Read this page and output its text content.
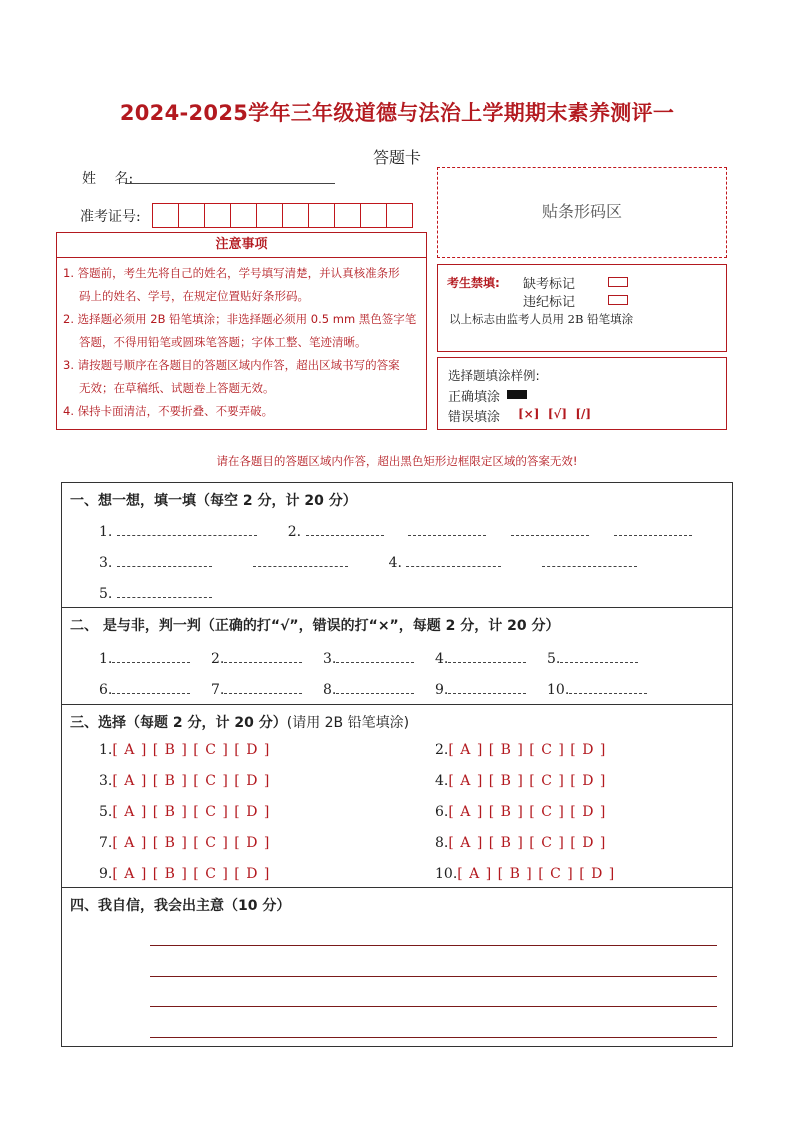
2024-2025学年三年级道德与法治上学期期末素养测评一
答题卡
姓　 名:
准考证号:	贴条形码区
注意事项
1. 答题前，考生先将自己的姓名，学号填写清楚，并认真核准条形
码上的姓名、学号，在规定位置贴好条形码。
2. 选择题必须用 2B 铅笔填涂；非选择题必须用 0.5 mm 黑色签字笔
答题，不得用铅笔或圆珠笔答题；字体工整、笔迹清晰。
3. 请按题号顺序在各题目的答题区域内作答，超出区域书写的答案
无效；在草稿纸、试题卷上答题无效。
4. 保持卡面清洁，不要折叠、不要弄破。
考生禁填: 缺考标记
违纪标记
以上标志由监考人员用 2B 铅笔填涂
选择题填涂样例:
正确填涂
错误填涂 [×]  [√]  [/]
请在各题目的答题区域内作答，超出黑色矩形边框限定区域的答案无效!
一、想一想，填一填（每空 2 分，计 20 分）
1.	2.
3.	4.
5.
二、 是与非，判一判（正确的打“√”，错误的打“×”，每题 2 分，计 20 分）
1.	2.	3.	4.	5.
6.	7.	8.	9.	10.
三、选择（每题 2 分，计 20 分）(请用 2B 铅笔填涂)
1.[ A ] [ B ] [ C ] [ D ]	2.[ A ] [ B ] [ C ] [ D ]
3.[ A ] [ B ] [ C ] [ D ]	4.[ A ] [ B ] [ C ] [ D ]
5.[ A ] [ B ] [ C ] [ D ]	6.[ A ] [ B ] [ C ] [ D ]
7.[ A ] [ B ] [ C ] [ D ]	8.[ A ] [ B ] [ C ] [ D ]
9.[ A ] [ B ] [ C ] [ D ]	10.[ A ] [ B ] [ C ] [ D ]
四、我自信，我会出主意（10 分）
